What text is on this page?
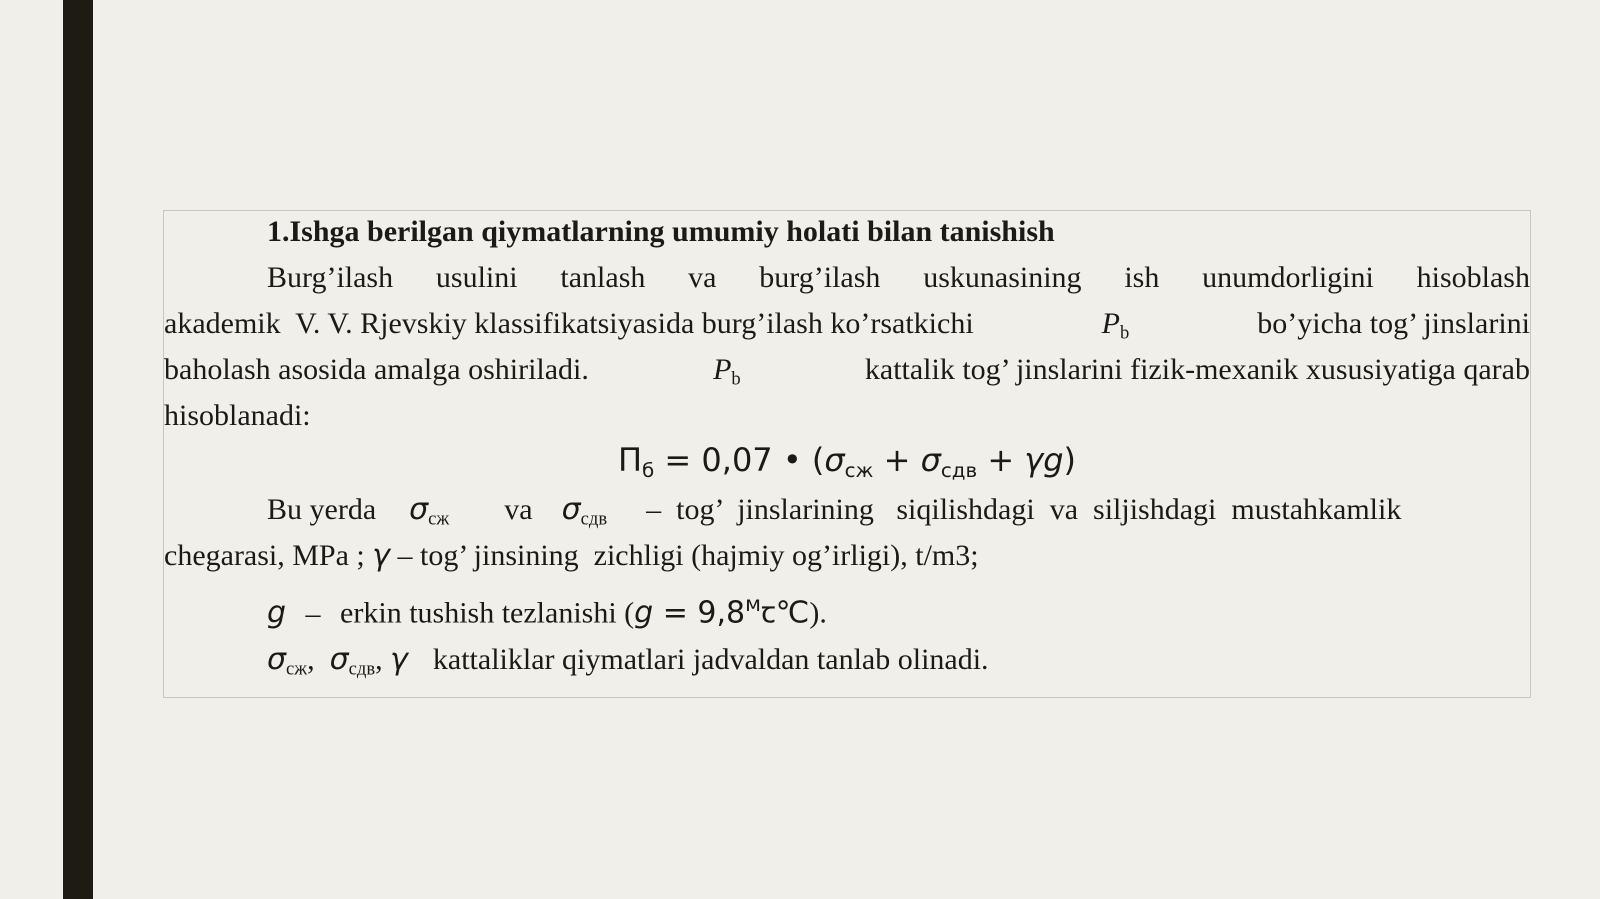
1.Ishga berilgan qiymatlarning umumiy holati bilan tanishish
Burg’ilash usulini tanlash va burg’ilash uskunasining ish unumdorligini hisoblash
akademik  V. V. Rjevskiy klassifikatsiyasida burg’ilash ko’rsatkichi	$P_b$	bo’yicha tog’ jinslarini
baholash asosida amalga oshiriladi.	$P_b$	kattalik tog’ jinslarini fizik-mexanik xususiyatiga qarab
hisoblanadi:
$П_б = 0,07$ • $(\sigma_{сж} + \sigma_{сдв} + \gamma g)$
Bu yerda $\sigma_{сж}$ va $\sigma_{сдв}$ –  tog’  jinslarining   siqilishdagi  va  siljishdagi  mustahkamlik
chegarasi, MPa ; γ – tog’ jinsining  zichligi (hajmiy og’irligi), t/m3;
g – erkin tushish tezlanishi $(g = 9,8^мꞇ℃)$.
$\sigma_{сж}$,  $\sigma_{сдв}$, γ kattaliklar qiymatlari jadvaldan tanlab olinadi.
